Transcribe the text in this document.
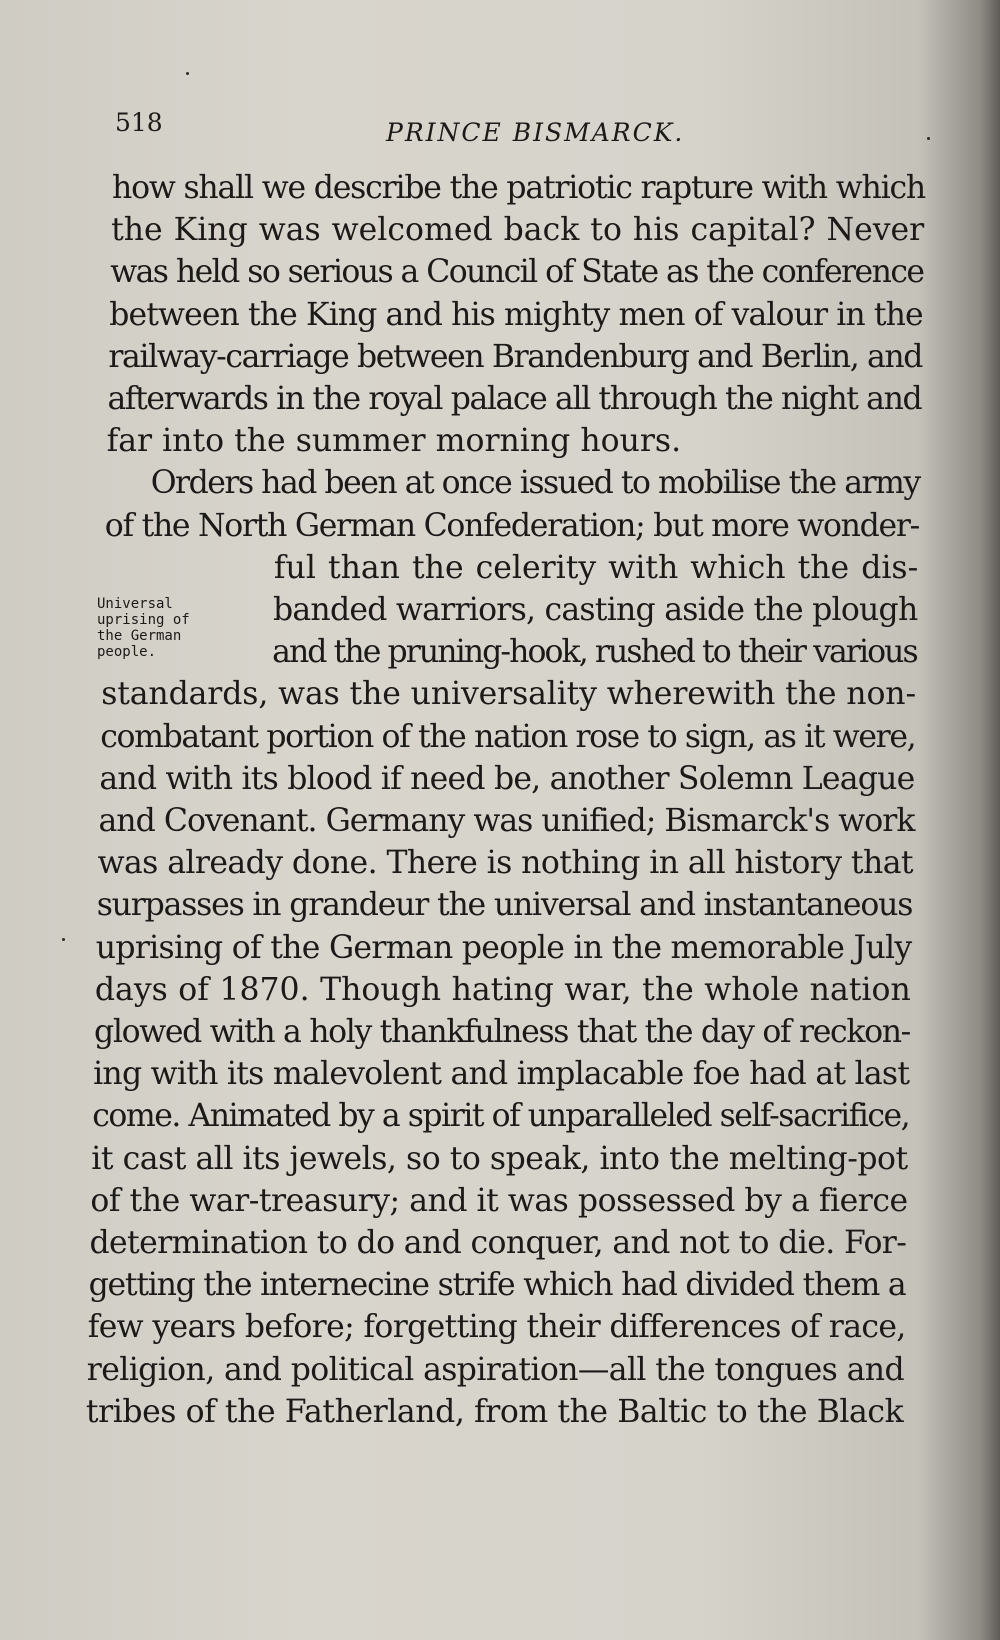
518	PRINCE BISMARCK.
Universal
uprising of
the German
people.
how shall we describe the patriotic rapture with which
the King was welcomed back to his capital? Never
was held so serious a Council of State as the conference
between the King and his mighty men of valour in the
railway-carriage between Brandenburg and Berlin, and
afterwards in the royal palace all through the night and
far into the summer morning hours.
Orders had been at once issued to mobilise the army
of the North German Confederation; but more wonder-
ful than the celerity with which the dis-
banded warriors, casting aside the plough
and the pruning-hook, rushed to their various
standards, was the universality wherewith the non-
combatant portion of the nation rose to sign, as it were,
and with its blood if need be, another Solemn League
and Covenant. Germany was unified; Bismarck's work
was already done. There is nothing in all history that
surpasses in grandeur the universal and instantaneous
uprising of the German people in the memorable July
days of 1870. Though hating war, the whole nation
glowed with a holy thankfulness that the day of reckon-
ing with its malevolent and implacable foe had at last
come. Animated by a spirit of unparalleled self-sacrifice,
it cast all its jewels, so to speak, into the melting-pot
of the war-treasury; and it was possessed by a fierce
determination to do and conquer, and not to die. For-
getting the internecine strife which had divided them a
few years before; forgetting their differences of race,
religion, and political aspiration—all the tongues and
tribes of the Fatherland, from the Baltic to the Black
